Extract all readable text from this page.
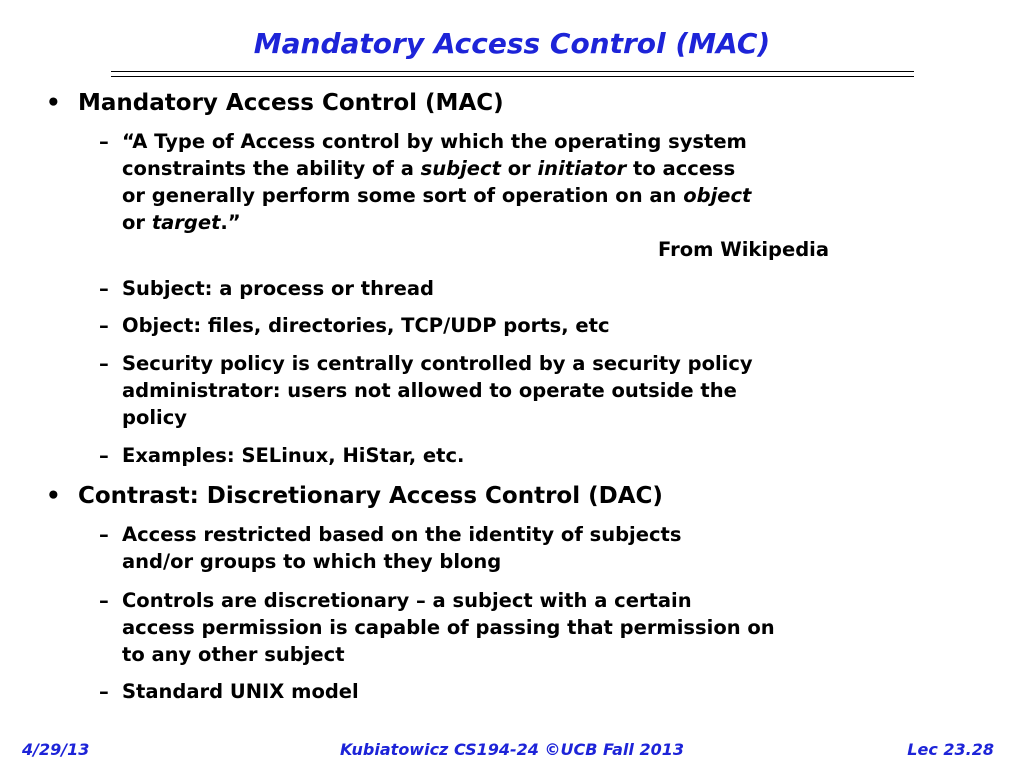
Mandatory Access Control (MAC)
• Mandatory Access Control (MAC)
– “A Type of Access control by which the operating system
constraints the ability of a subject or initiator to access
or generally perform some sort of operation on an object
or target.”
From Wikipedia
– Subject: a process or thread
– Object: files, directories, TCP/UDP ports, etc
– Security policy is centrally controlled by a security policy
administrator: users not allowed to operate outside the
policy
– Examples: SELinux, HiStar, etc.
• Contrast: Discretionary Access Control (DAC)
– Access restricted based on the identity of subjects
and/or groups to which they blong
– Controls are discretionary – a subject with a certain
access permission is capable of passing that permission on
to any other subject
– Standard UNIX model
4/29/13	Kubiatowicz CS194-24 ©UCB Fall 2013	Lec 23.28
